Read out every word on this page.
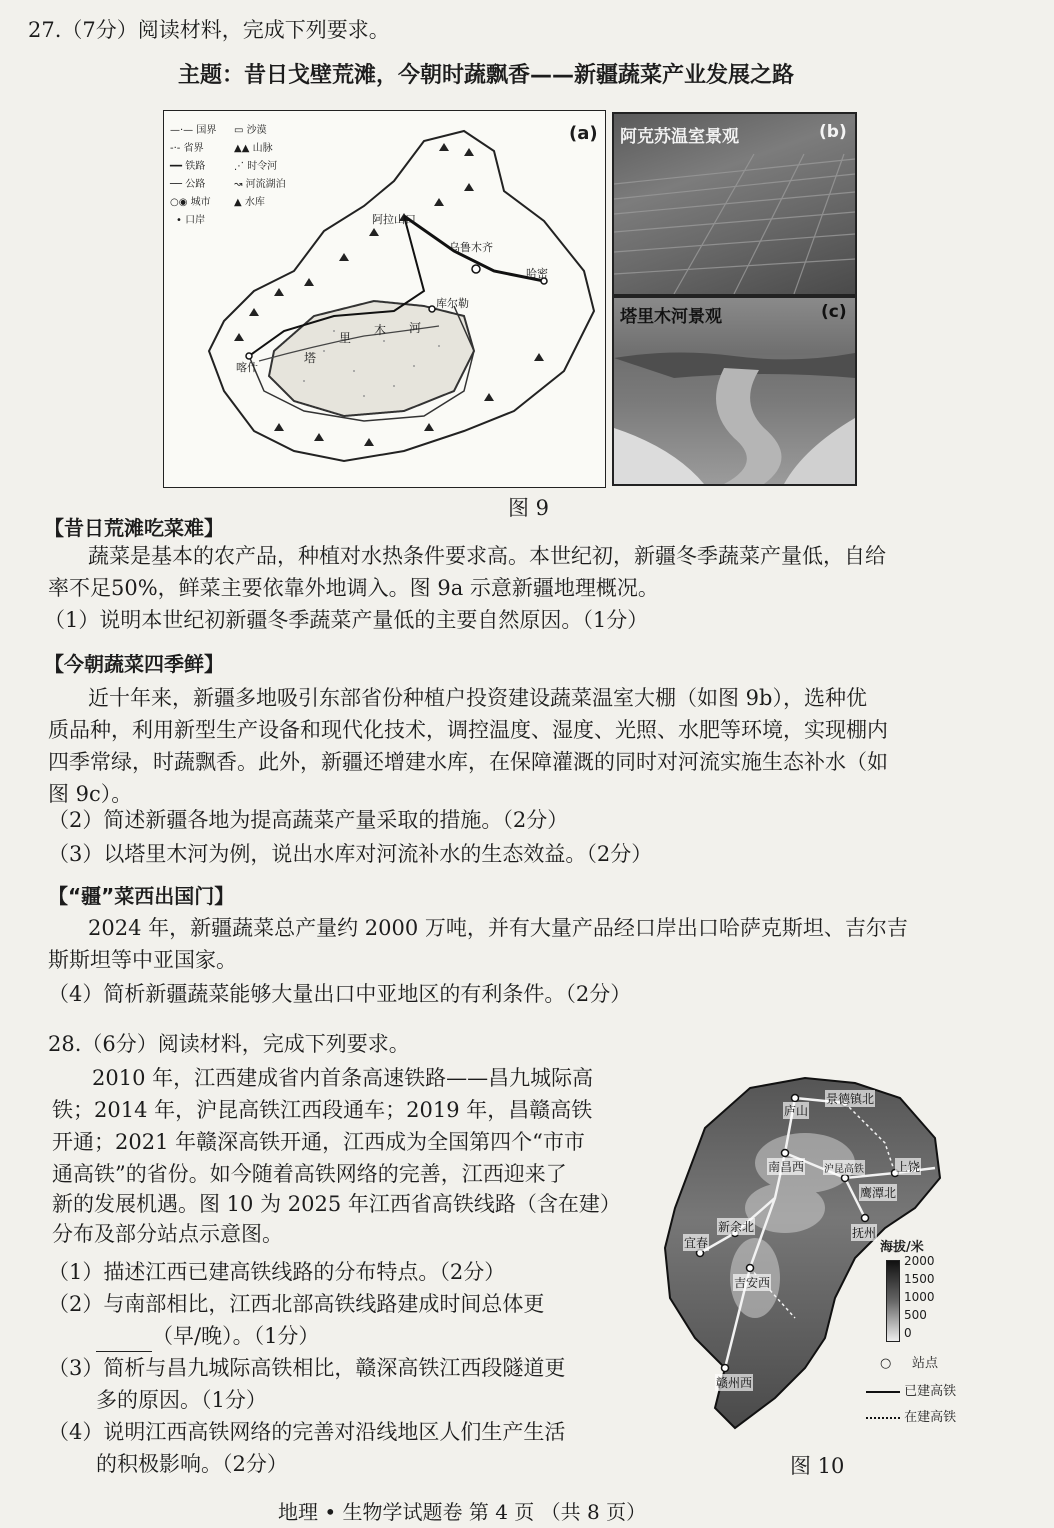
27.（7分）阅读材料，完成下列要求。
主题：昔日戈壁荒滩，今朝时蔬飘香——新疆蔬菜产业发展之路
(a)
—·— 国界 ▭ 沙漠
-·- 省界	▲▲ 山脉
━━ 铁路	⋰ 时令河
── 公路	↝ 河流湖泊
○◉ 城市 ▲ 水库
• 口岸	阿拉山口
乌鲁木齐
哈密
库尔勒
喀什
塔
里
木 河
阿克苏温室景观	(b)
塔里木河景观	(c)
图 9
【昔日荒滩吃菜难】
蔬菜是基本的农产品，种植对水热条件要求高。本世纪初，新疆冬季蔬菜产量低，自给
率不足50%，鲜菜主要依靠外地调入。图 9a 示意新疆地理概况。
（1）说明本世纪初新疆冬季蔬菜产量低的主要自然原因。（1分）
【今朝蔬菜四季鲜】
近十年来，新疆多地吸引东部省份种植户投资建设蔬菜温室大棚（如图 9b），选种优
质品种，利用新型生产设备和现代化技术，调控温度、湿度、光照、水肥等环境，实现棚内
四季常绿，时蔬飘香。此外，新疆还增建水库，在保障灌溉的同时对河流实施生态补水（如
图 9c）。
（2）简述新疆各地为提高蔬菜产量采取的措施。（2分）
（3）以塔里木河为例，说出水库对河流补水的生态效益。（2分）
【“疆”菜西出国门】
2024 年，新疆蔬菜总产量约 2000 万吨，并有大量产品经口岸出口哈萨克斯坦、吉尔吉
斯斯坦等中亚国家。
（4）简析新疆蔬菜能够大量出口中亚地区的有利条件。（2分）
28.（6分）阅读材料，完成下列要求。
2010 年，江西建成省内首条高速铁路——昌九城际高
铁；2014 年，沪昆高铁江西段通车；2019 年，昌赣高铁
开通；2021 年赣深高铁开通，江西成为全国第四个“市市
通高铁”的省份。如今随着高铁网络的完善，江西迎来了
新的发展机遇。图 10 为 2025 年江西省高铁线路（含在建）
分布及部分站点示意图。
（1）描述江西已建高铁线路的分布特点。（2分）
（2）与南部相比，江西北部高铁线路建成时间总体更
（早/晚）。（1分）
（3）简析与昌九城际高铁相比，赣深高铁江西段隧道更
多的原因。（1分）
（4）说明江西高铁网络的完善对沿线地区人们生产生活
的积极影响。（2分）
庐山
景德镇北
南昌西 沪昆高铁	上饶
鹰潭北
宜春
新余北	抚州
吉安西
赣州西
海拔/米
2000
1500
1000
500
0
○ 站点
已建高铁
在建高铁
图 10
地理 • 生物学试题卷 第 4 页 （共 8 页）
